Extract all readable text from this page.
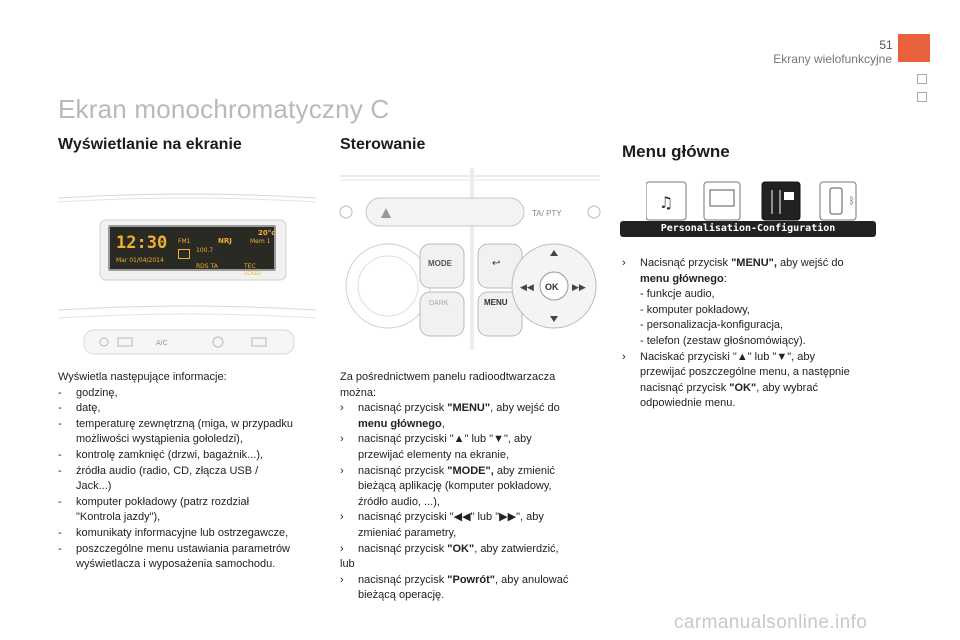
51
Ekrany wielofunkcyjne
Ekran monochromatyczny C
Wyświetlanie na ekranie
A/C
12:30
Mar 01/04/2014
20°c
FM1	NRJ	Mem 1
100.7
RDS TA	TEC LOUD
Wyświetla następujące informacje:
-	godzinę,
-	datę,
-	temperaturę zewnętrzną (miga, w przypadku
możliwości wystąpienia gołoledzi),
-	kontrolę zamknięć (drzwi, bagażnik...),
-	źródła audio (radio, CD, złącza USB /
Jack...)
-	komputer pokładowy (patrz rozdział
"Kontrola jazdy"),
-	komunikaty informacyjne lub ostrzegawcze,
-	poszczególne menu ustawiania parametrów
wyświetlacza i wyposażenia samochodu.
Sterowanie
TA/ PTY
MODE
DARK
↩
MENU
OK
◀◀	▶▶
Za pośrednictwem panelu radioodtwarzacza
można:
›	nacisnąć przycisk "MENU", aby wejść do
menu głównego,
›	nacisnąć przyciski "▲" lub "▼", aby
przewijać elementy na ekranie,
›	nacisnąć przycisk "MODE", aby zmienić
bieżącą aplikację (komputer pokładowy,
źródło audio, ...),
›	nacisnąć przyciski "◀◀" lub "▶▶", aby
zmieniać parametry,
›	nacisnąć przycisk "OK", aby zatwierdzić,
lub
›	nacisnąć przycisk "Powrót", aby anulować
bieżącą operację.
Menu główne
♫	ᛒ
Personalisation-Configuration
›	Nacisnąć przycisk "MENU", aby wejść do
menu głównego:
- funkcje audio,
- komputer pokładowy,
- personalizacja-konfiguracja,
- telefon (zestaw głośnomówiący).
›	Naciskać przyciski "▲" lub "▼", aby
przewijać poszczególne menu, a następnie
nacisnąć przycisk "OK", aby wybrać
odpowiednie menu.
carmanualsonline.info
